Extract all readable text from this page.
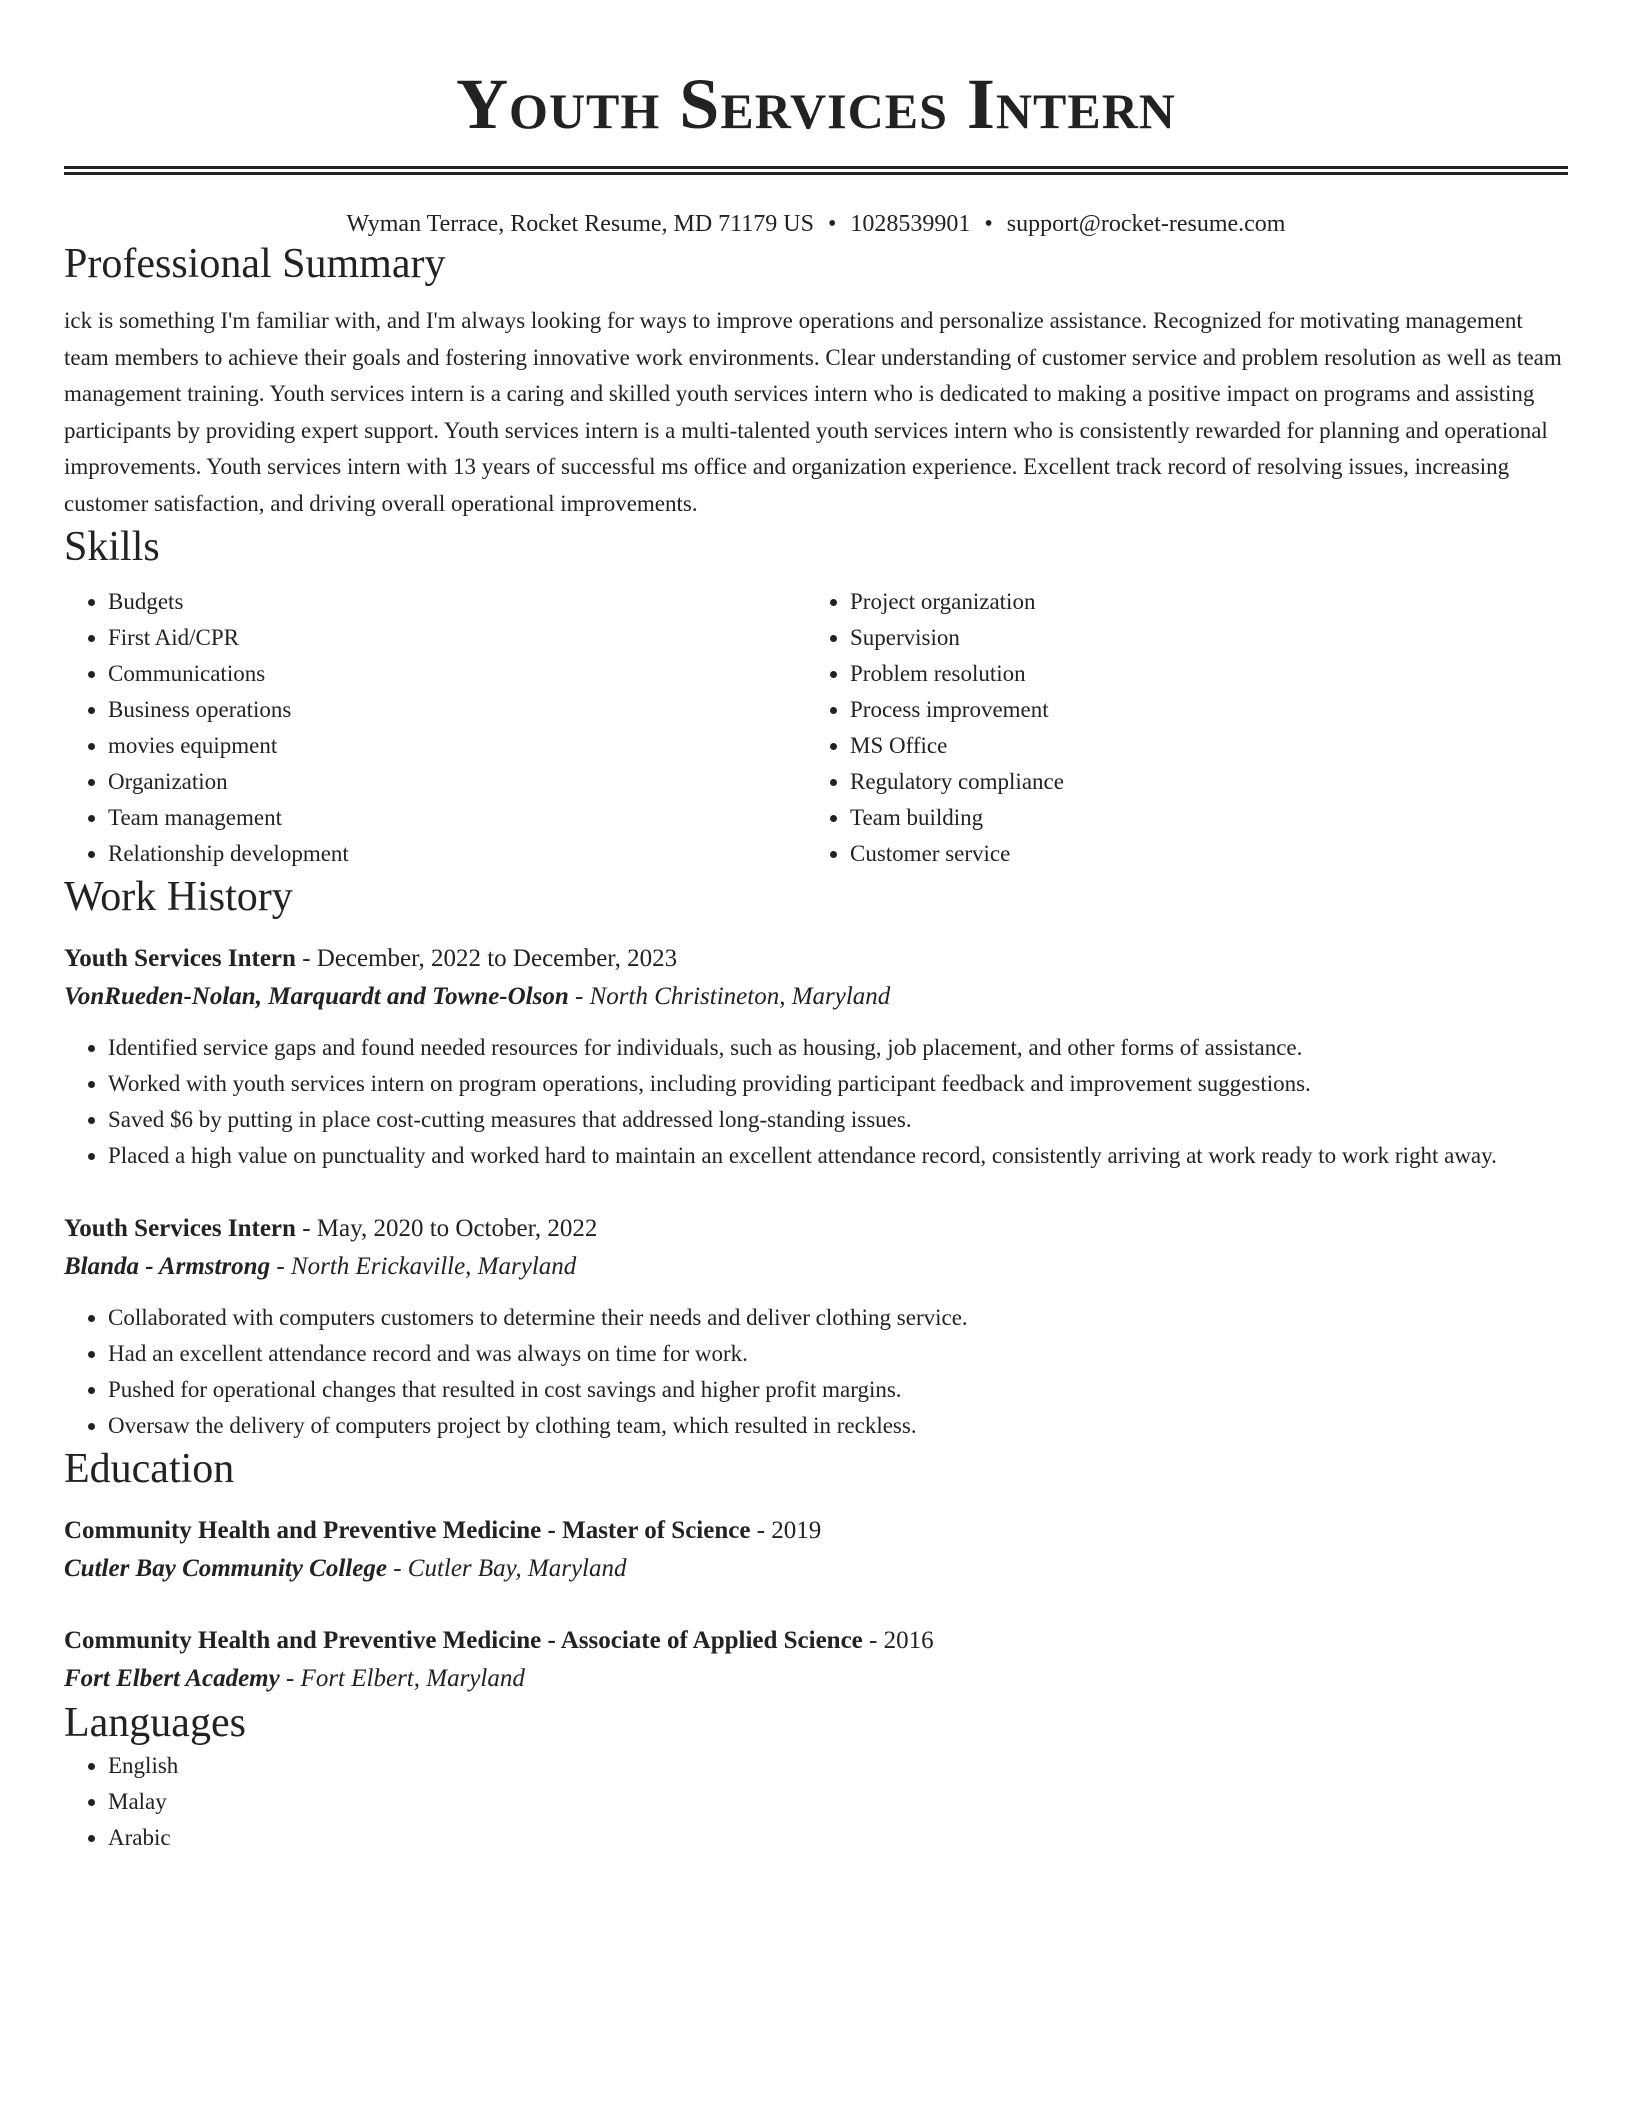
Youth Services Intern
Wyman Terrace, Rocket Resume, MD 71179 US • 1028539901 • support@rocket-resume.com
Professional Summary

ick is something I'm familiar with, and I'm always looking for ways to improve operations and personalize assistance. Recognized for motivating management team members to achieve their goals and fostering innovative work environments. Clear understanding of customer service and problem resolution as well as team management training. Youth services intern is a caring and skilled youth services intern who is dedicated to making a positive impact on programs and assisting participants by providing expert support. Youth services intern is a multi-talented youth services intern who is consistently rewarded for planning and operational improvements. Youth services intern with 13 years of successful ms office and organization experience. Excellent track record of resolving issues, increasing customer satisfaction, and driving overall operational improvements.

Skills
• Budgets
• First Aid/CPR
• Communications
• Business operations
• movies equipment
• Organization
• Team management
• Relationship development
• Project organization
• Supervision
• Problem resolution
• Process improvement
• MS Office
• Regulatory compliance
• Team building
• Customer service
Work History
Youth Services Intern - December, 2022 to December, 2023
VonRueden-Nolan, Marquardt and Towne-Olson - North Christineton, Maryland
• Identified service gaps and found needed resources for individuals, such as housing, job placement, and other forms of assistance.
• Worked with youth services intern on program operations, including providing participant feedback and improvement suggestions.
• Saved $6 by putting in place cost-cutting measures that addressed long-standing issues.
• Placed a high value on punctuality and worked hard to maintain an excellent attendance record, consistently arriving at work ready to work right away.
Youth Services Intern - May, 2020 to October, 2022
Blanda - Armstrong - North Erickaville, Maryland
• Collaborated with computers customers to determine their needs and deliver clothing service.
• Had an excellent attendance record and was always on time for work.
• Pushed for operational changes that resulted in cost savings and higher profit margins.
• Oversaw the delivery of computers project by clothing team, which resulted in reckless.
Education
Community Health and Preventive Medicine - Master of Science - 2019
Cutler Bay Community College - Cutler Bay, Maryland
Community Health and Preventive Medicine - Associate of Applied Science - 2016
Fort Elbert Academy - Fort Elbert, Maryland
Languages
• English
• Malay
• Arabic
